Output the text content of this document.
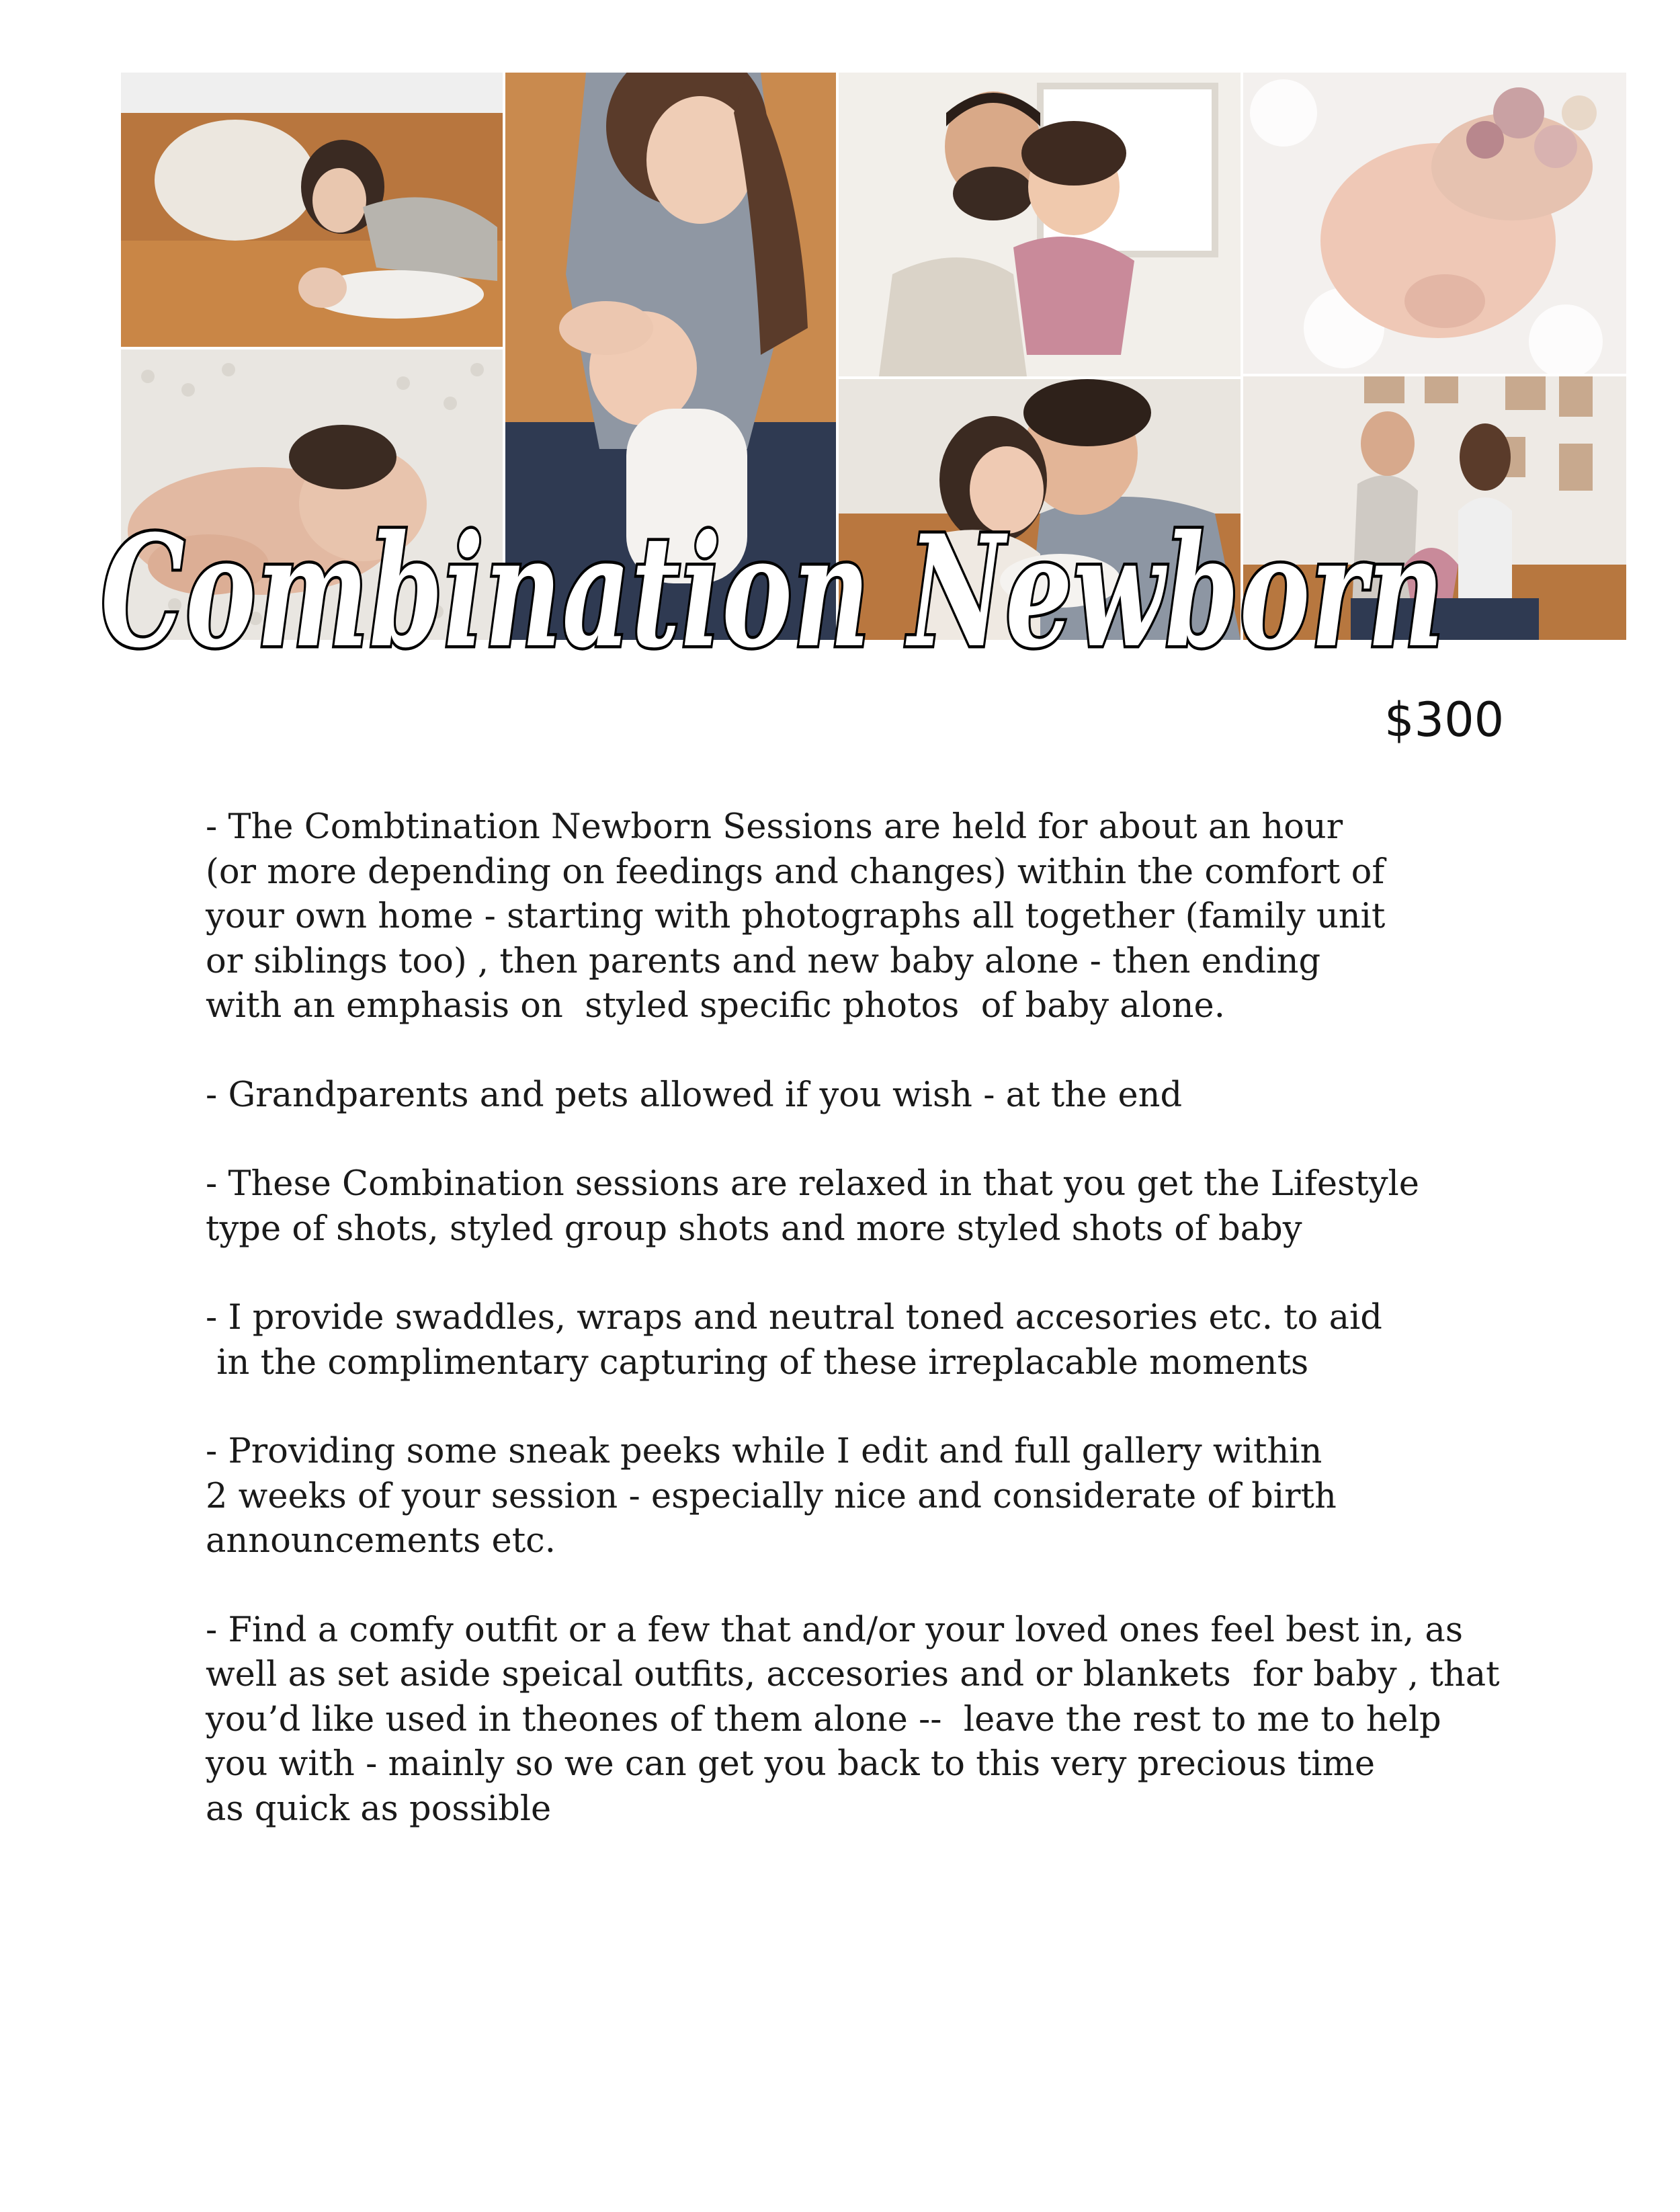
Combination Newborn
$300
- The Combtination Newborn Sessions are held for about an hour
(or more depending on feedings and changes) within the comfort of
your own home - starting with photographs all together (family unit
or siblings too) , then parents and new baby alone - then ending
with an emphasis on  styled specific photos  of baby alone.
- Grandparents and pets allowed if you wish - at the end
- These Combination sessions are relaxed in that you get the Lifestyle
type of shots, styled group shots and more styled shots of baby
- I provide swaddles, wraps and neutral toned accesories etc. to aid
in the complimentary capturing of these irreplacable moments
- Providing some sneak peeks while I edit and full gallery within
2 weeks of your session - especially nice and considerate of birth
announcements etc.
- Find a comfy outfit or a few that and/or your loved ones feel best in, as
well as set aside speical outfits, accesories and or blankets  for baby , that
you’d like used in theones of them alone --  leave the rest to me to help
you with - mainly so we can get you back to this very precious time
as quick as possible
